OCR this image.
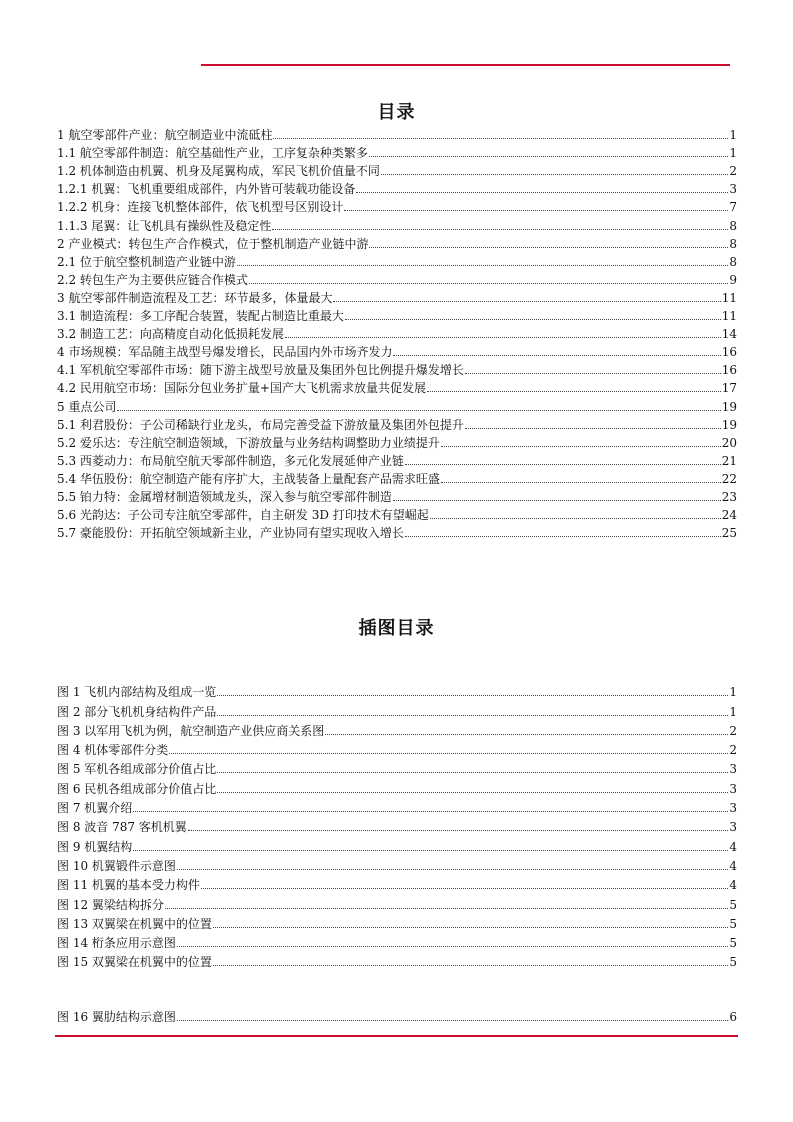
目录
1 航空零部件产业：航空制造业中流砥柱	1
1.1 航空零部件制造：航空基础性产业，工序复杂种类繁多	1
1.2 机体制造由机翼、机身及尾翼构成，军民飞机价值量不同	2
1.2.1 机翼：飞机重要组成部件，内外皆可装载功能设备	3
1.2.2 机身：连接飞机整体部件，依飞机型号区别设计	7
1.1.3 尾翼：让飞机具有操纵性及稳定性	8
2 产业模式：转包生产合作模式，位于整机制造产业链中游	8
2.1 位于航空整机制造产业链中游	8
2.2 转包生产为主要供应链合作模式	9
3 航空零部件制造流程及工艺：环节最多，体量最大	11
3.1 制造流程：多工序配合装置，装配占制造比重最大	11
3.2 制造工艺：向高精度自动化低损耗发展	14
4 市场规模：军品随主战型号爆发增长，民品国内外市场齐发力	16
4.1 军机航空零部件市场：随下游主战型号放量及集团外包比例提升爆发增长	16
4.2 民用航空市场：国际分包业务扩量+国产大飞机需求放量共促发展	17
5 重点公司	19
5.1 利君股份：子公司稀缺行业龙头，布局完善受益下游放量及集团外包提升	19
5.2 爱乐达：专注航空制造领域，下游放量与业务结构调整助力业绩提升	20
5.3 西菱动力：布局航空航天零部件制造，多元化发展延伸产业链	21
5.4 华伍股份：航空制造产能有序扩大，主战装备上量配套产品需求旺盛	22
5.5 铂力特：金属增材制造领域龙头，深入参与航空零部件制造	23
5.6 光韵达：子公司专注航空零部件，自主研发 3D 打印技术有望崛起	24
5.7 豪能股份：开拓航空领域新主业，产业协同有望实现收入增长	25
插图目录
图 1 飞机内部结构及组成一览	1
图 2 部分飞机机身结构件产品	1
图 3 以军用飞机为例，航空制造产业供应商关系图	2
图 4 机体零部件分类	2
图 5 军机各组成部分价值占比	3
图 6 民机各组成部分价值占比	3
图 7 机翼介绍	3
图 8 波音 787 客机机翼	3
图 9 机翼结构	4
图 10 机翼锻件示意图	4
图 11 机翼的基本受力构件	4
图 12 翼梁结构拆分	5
图 13 双翼梁在机翼中的位置	5
图 14 桁条应用示意图	5
图 15 双翼梁在机翼中的位置	5
图 16 翼肋结构示意图	6
